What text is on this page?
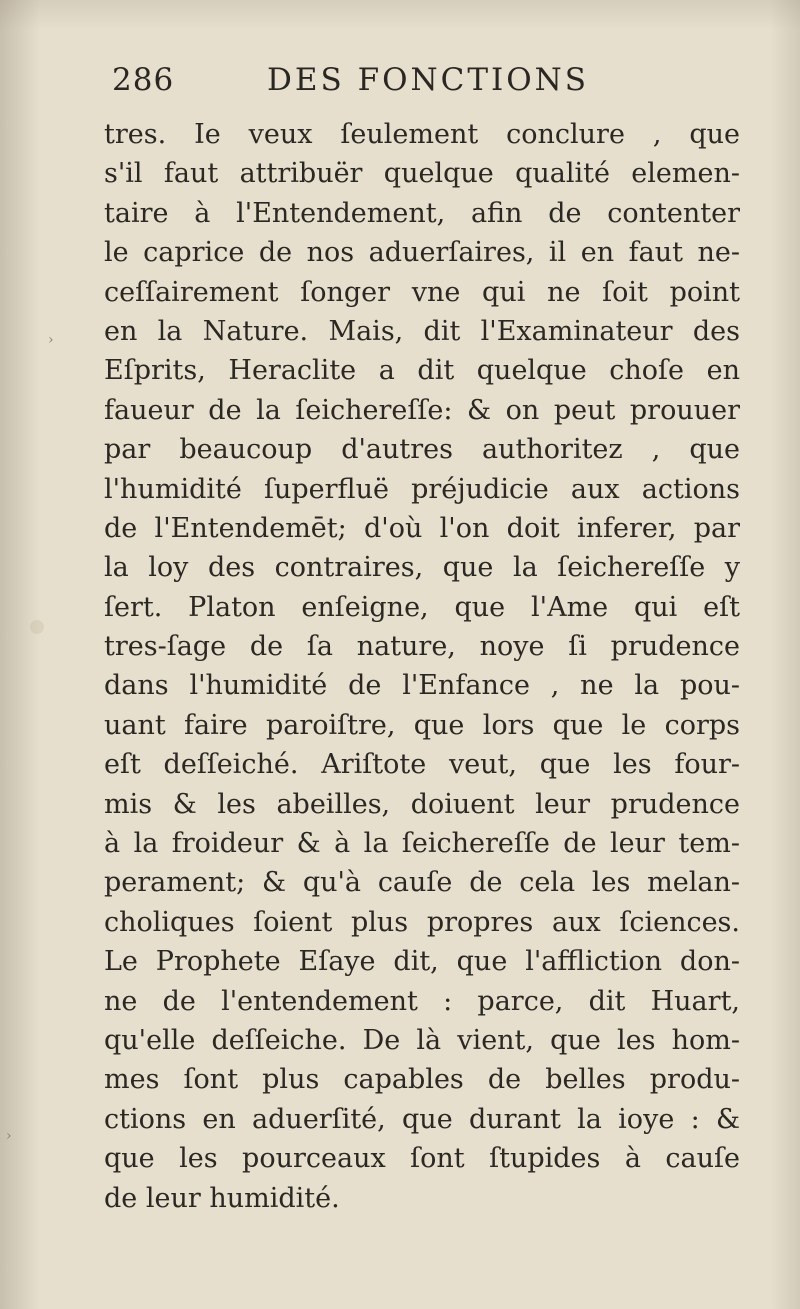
›
›
286	DES FONCTIONS
tres. Ie veux ſeulement conclure , que
s'il faut attribuër quelque qualité elemen-
taire à l'Entendement, afin de contenter
le caprice de nos aduerſaires, il en faut ne-
ceſſairement ſonger vne qui ne ſoit point
en la Nature. Mais, dit l'Examinateur des
Eſprits, Heraclite a dit quelque choſe en
faueur de la ſeichereſſe: & on peut prouuer
par beaucoup d'autres authoritez , que
l'humidité ſuperfluë préjudicie aux actions
de l'Entendemēt; d'où l'on doit inferer, par
la loy des contraires, que la ſeichereſſe y
ſert. Platon enſeigne, que l'Ame qui eſt
tres-ſage de ſa nature, noye ſi prudence
dans l'humidité de l'Enfance , ne la pou-
uant faire paroiſtre, que lors que le corps
eſt deſſeiché. Ariſtote veut, que les four-
mis & les abeilles, doiuent leur prudence
à la froideur & à la ſeichereſſe de leur tem-
perament; & qu'à cauſe de cela les melan-
choliques ſoient plus propres aux ſciences.
Le Prophete Eſaye dit, que l'affliction don-
ne de l'entendement : parce, dit Huart,
qu'elle deſſeiche. De là vient, que les hom-
mes ſont plus capables de belles produ-
ctions en aduerſité, que durant la ioye : &
que les pourceaux ſont ſtupides à cauſe
de leur humidité.
